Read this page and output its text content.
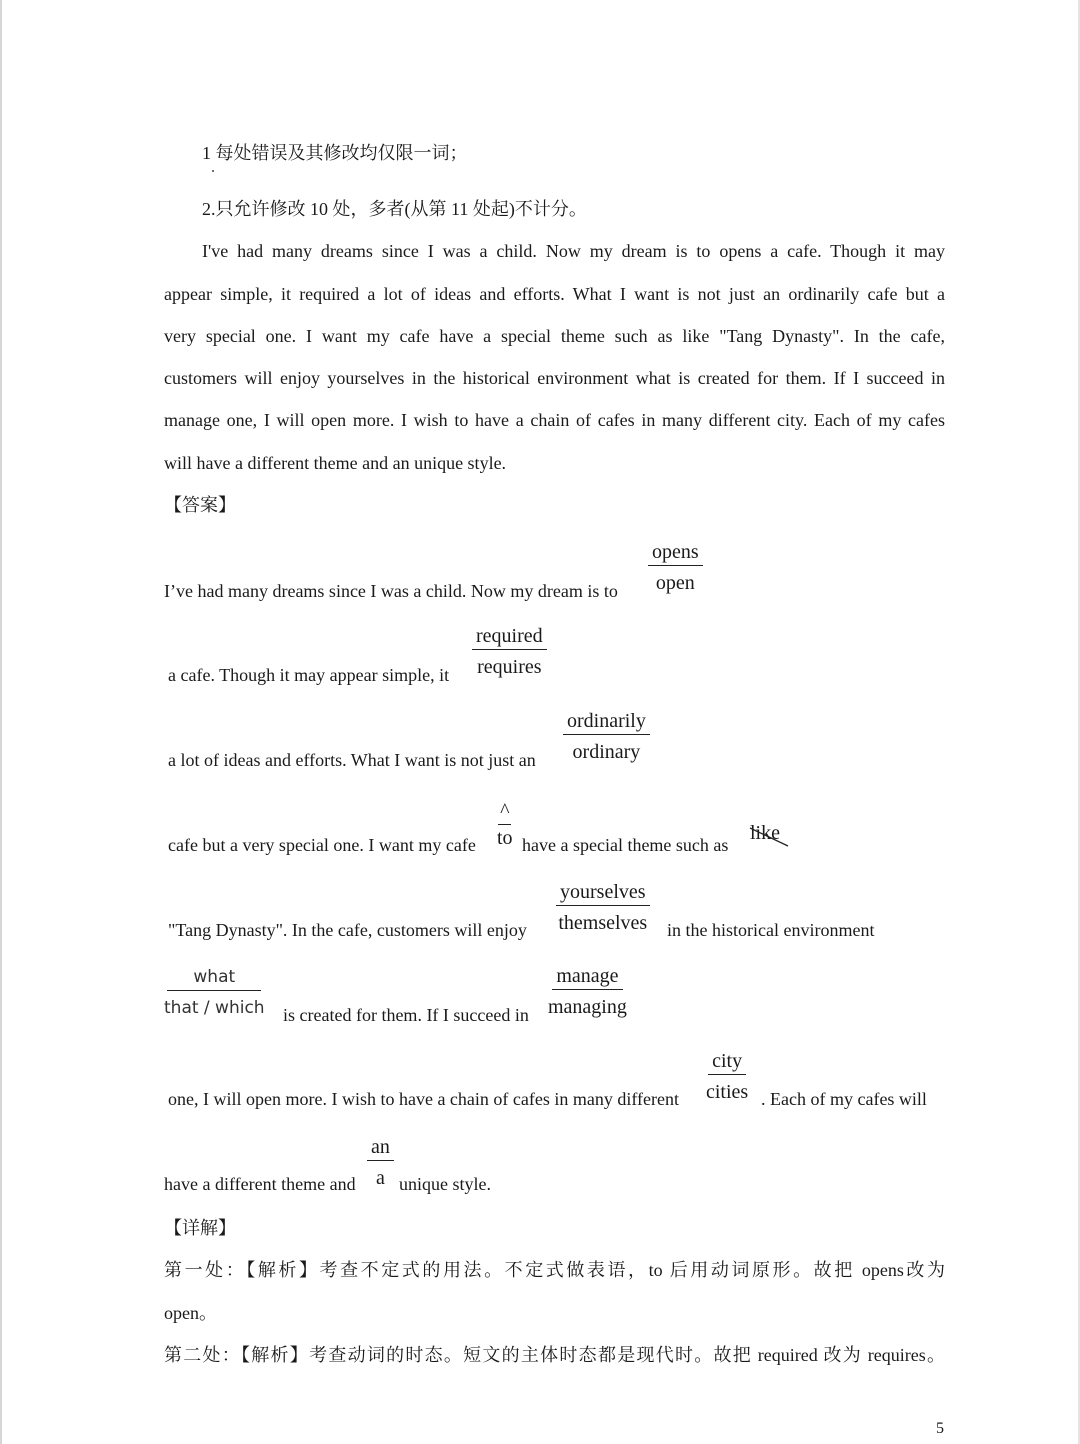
1 每处错误及其修改均仅限一词；
2.只允许修改 10 处，多者(从第 11 处起)不计分。
I've had many dreams since I was a child. Now my dream is to opens a cafe. Though it may
appear simple, it required a lot of ideas and efforts. What I want is not just an ordinarily cafe but a
very special one. I want my cafe have a special theme such as like "Tang Dynasty". In the cafe,
customers will enjoy yourselves in the historical environment what is created for them. If I succeed in
manage one, I will open more. I wish to have a chain of cafes in many different city. Each of my cafes
will have a different theme and an unique style.
【答案】
I’ve had many dreams since I was a child. Now my dream is to
opens
open
a cafe. Though it may appear simple, it
required
requires
a lot of ideas and efforts. What I want is not just an
ordinarily
ordinary
cafe but a very special one. I want my cafe
^
to have a special theme such as
like
"Tang Dynasty". In the cafe, customers will enjoy
yourselves
themselves in the historical environment
what
that / which is created for them. If I succeed in
manage
managing
one, I will open more. I wish to have a chain of cafes in many different
city
cities . Each of my cafes will
have a different theme and $\frac{an}{a}$ unique style.
【详解】
第一处：【解析】考查不定式的用法。不定式做表语，to 后用动词原形。故把 opens改为
open。
第二处：【解析】考查动词的时态。短文的主体时态都是现代时。故把 required 改为 requires。
5
